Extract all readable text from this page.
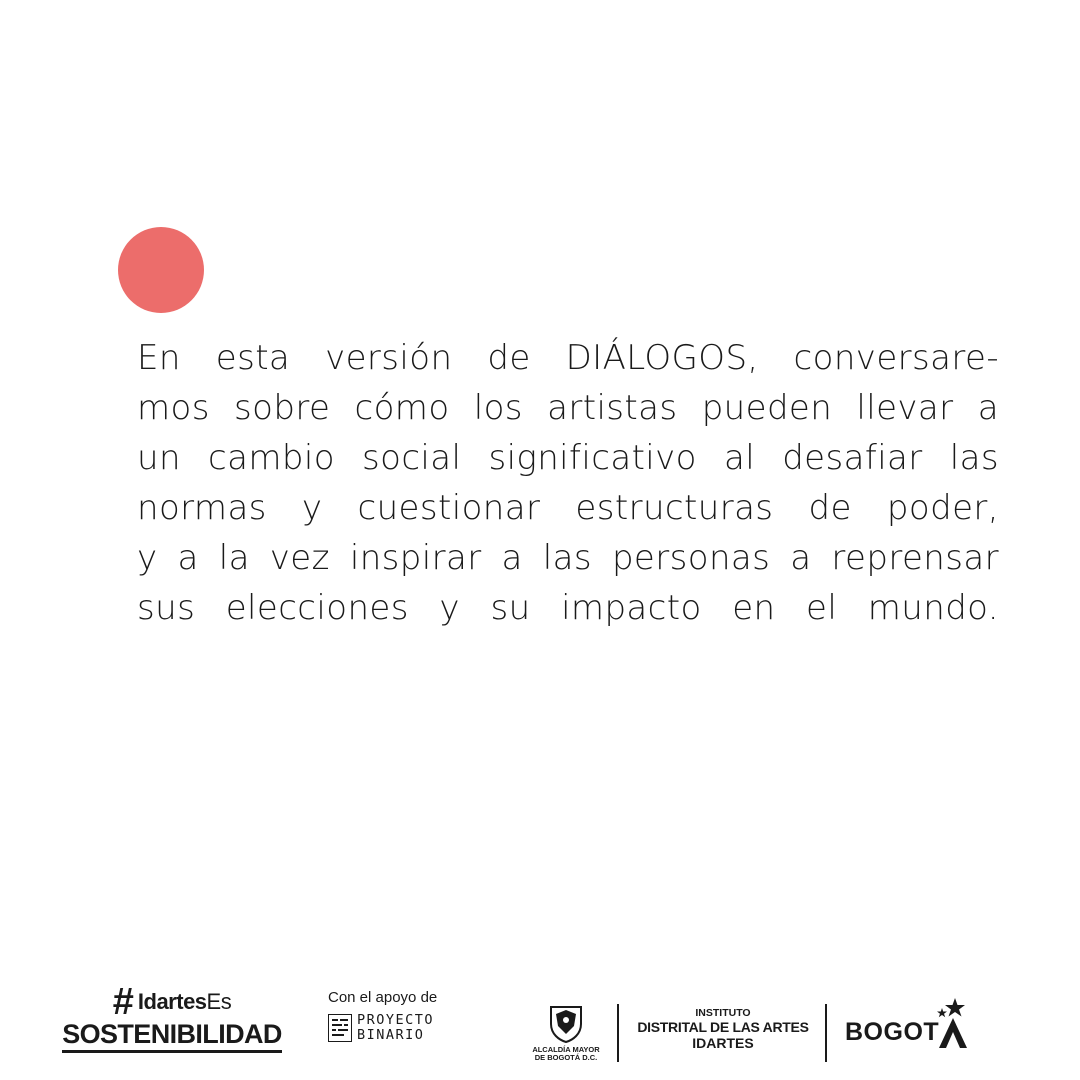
En esta versión de DIÁLOGOS, conversare-
mos sobre cómo los artistas pueden llevar a
un cambio social significativo al desafiar las
normas y cuestionar estructuras de poder,
y a la vez inspirar a las personas a reprensar
sus elecciones y su impacto en el mundo.

# IdartesEs
SOSTENIBILIDAD
Con el apoyo de
PROYECTO
BINARIO
ALCALDÍA MAYOR
DE BOGOTÁ D.C.
INSTITUTO
DISTRITAL DE LAS ARTES
IDARTES	BOGOT
